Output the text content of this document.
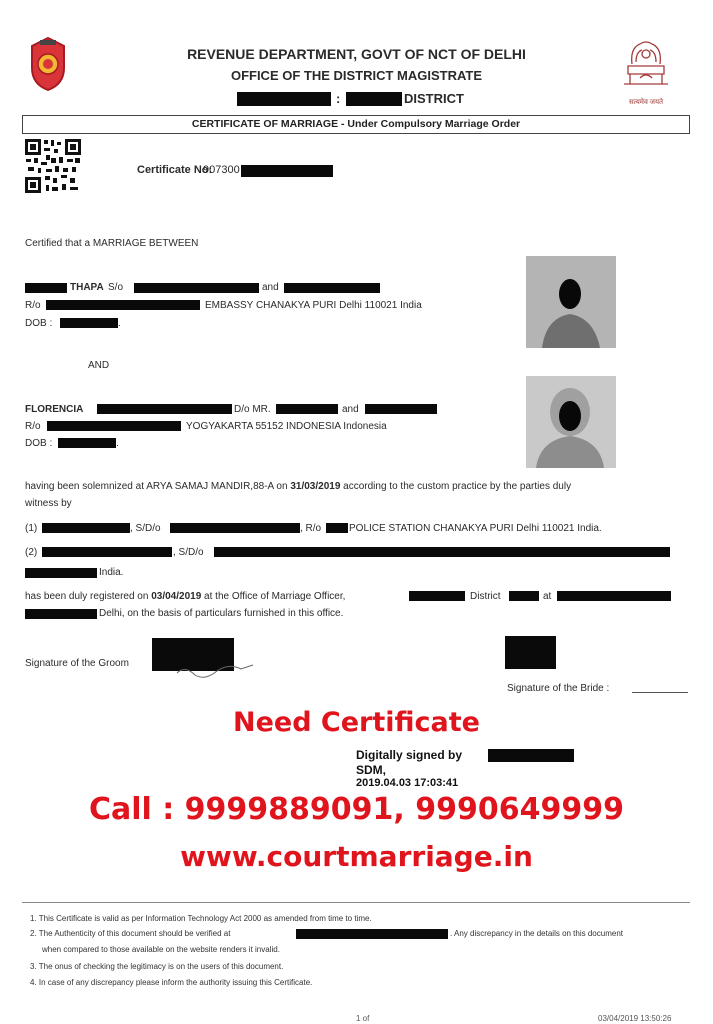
REVENUE DEPARTMENT, GOVT OF NCT OF DELHI
OFFICE OF THE DISTRICT MAGISTRATE
:	DISTRICT	सत्यमेव जयते
CERTIFICATE OF MARRIAGE - Under Compulsory Marriage Order
Certificate No:
907300
Certified that a MARRIAGE BETWEEN
THAPA S/o	and
R/o	EMBASSY CHANAKYA PURI Delhi 110021 India
DOB :	.
AND
FLORENCIA	D/o MR.	and
R/o	YOGYAKARTA 55152 INDONESIA Indonesia
DOB :	.
having been solemnized at ARYA SAMAJ MANDIR,88-A on 31/03/2019 according to the custom practice by the parties duly
witness by
(1)	, S/D/o	, R/o	POLICE STATION CHANAKYA PURI Delhi 110021 India.
(2)	, S/D/o
India.
has been duly registered on 03/04/2019 at the Office of Marriage Officer,	District	at
Delhi, on the basis of particulars furnished in this office.
Signature of the Groom
Signature of the Bride :
Need Certificate
Digitally signed by
SDM,
2019.04.03 17:03:41
Call : 9999889091, 9990649999
www.courtmarriage.in
1. This Certificate is valid as per Information Technology Act 2000 as amended from time to time.
2. The Authenticity of this document should be verified at	. Any discrepancy in the details on this document
when compared to those available on the website renders it invalid.
3. The onus of checking the legitimacy is on the users of this document.
4. In case of any discrepancy please inform the authority issuing this Certificate.
1 of	03/04/2019 13:50:26
